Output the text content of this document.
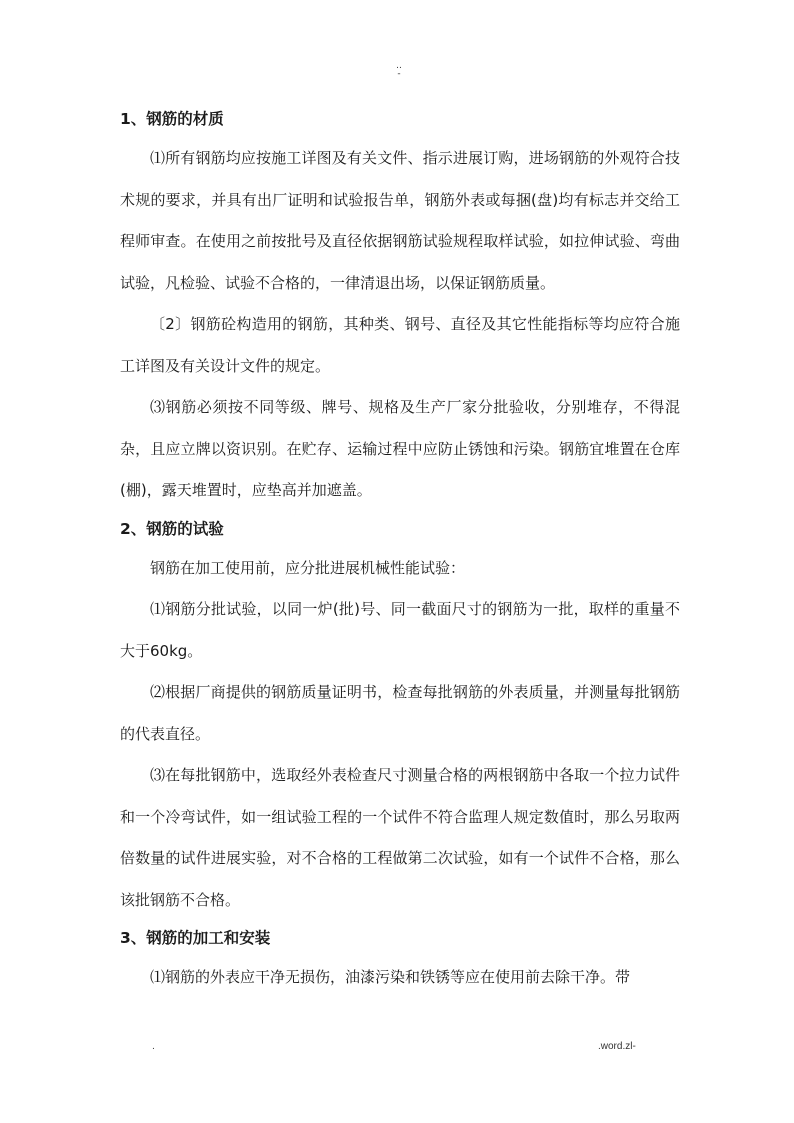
..
-
1、钢筋的材质

⑴所有钢筋均应按施工详图及有关文件、指示进展订购，进场钢筋的外观符合技术规的要求，并具有出厂证明和试验报告单，钢筋外表或每捆(盘)均有标志并交给工程师审查。在使用之前按批号及直径依据钢筋试验规程取样试验，如拉伸试验、弯曲试验，凡检验、试验不合格的，一律清退出场，以保证钢筋质量。

〔2〕钢筋砼构造用的钢筋，其种类、钢号、直径及其它性能指标等均应符合施工详图及有关设计文件的规定。

⑶钢筋必须按不同等级、牌号、规格及生产厂家分批验收，分别堆存，不得混杂，且应立牌以资识别。在贮存、运输过程中应防止锈蚀和污染。钢筋宜堆置在仓库(棚)，露天堆置时，应垫高并加遮盖。

2、钢筋的试验

钢筋在加工使用前，应分批进展机械性能试验：

⑴钢筋分批试验，以同一炉(批)号、同一截面尺寸的钢筋为一批，取样的重量不大于60kg。

⑵根据厂商提供的钢筋质量证明书，检查每批钢筋的外表质量，并测量每批钢筋的代表直径。

⑶在每批钢筋中，选取经外表检查尺寸测量合格的两根钢筋中各取一个拉力试件和一个冷弯试件，如一组试验工程的一个试件不符合监理人规定数值时，那么另取两倍数量的试件进展实验，对不合格的工程做第二次试验，如有一个试件不合格，那么该批钢筋不合格。

3、钢筋的加工和安装

⑴钢筋的外表应干净无损伤，油漆污染和铁锈等应在使用前去除干净。带

.	.word.zl-
